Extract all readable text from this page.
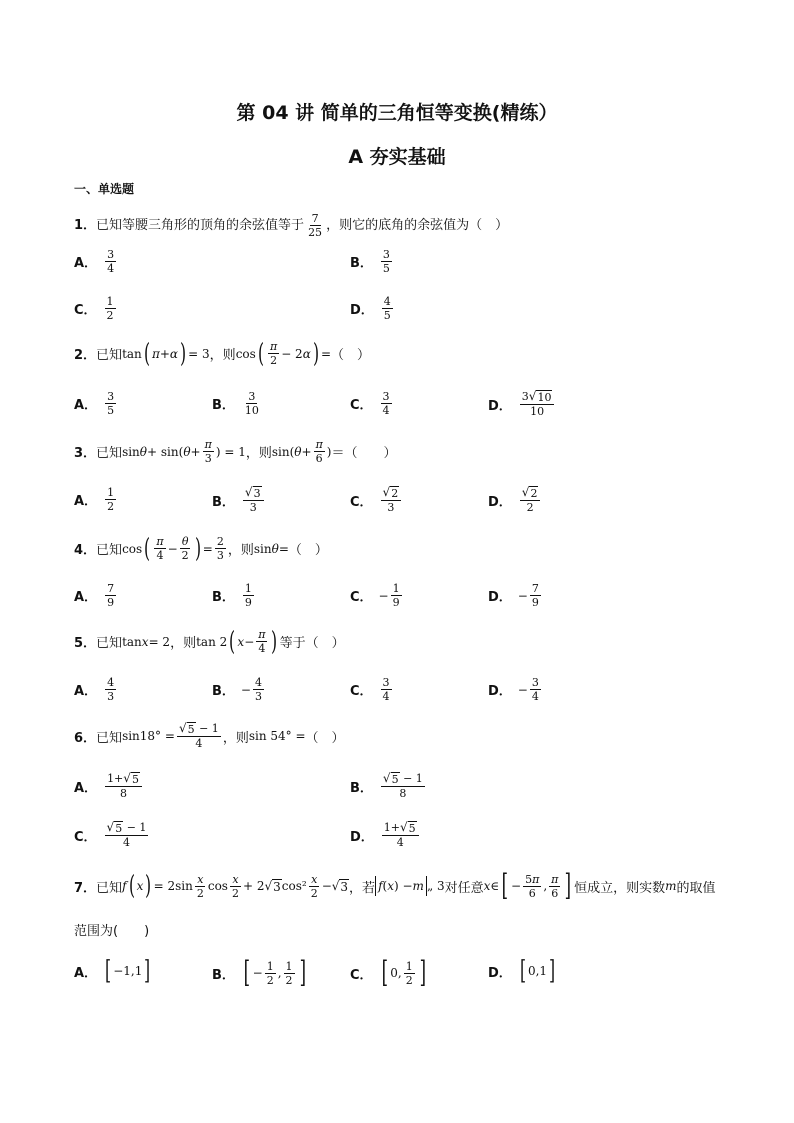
第 04 讲 简单的三角恒等变换(精练）
A 夯实基础
一、单选题
1．已知等腰三角形的顶角的余弦值等于 $\frac{7}{25}$ ，则它的底角的余弦值为（　）
A． $\frac{3}{4}$	B． $\frac{3}{5}$
C． $\frac{1}{2}$	D． $\frac{4}{5}$
2． 已知 tan ( π + α ) = 3 ，则 cos ( $\frac{\pi}{2} - 2$ α ) = （　）
A． $\frac{3}{5}$	B． $\frac{3}{10}$	C． $\frac{3}{4}$	D． $\frac{3 √ 10}{10}$
3． 已知 sin θ + sin( $\theta + \frac{\pi}{3}$ ) = 1 ，则 sin( $\theta + \frac{\pi}{6}$ ) ＝（　　）
A． $\frac{1}{2}$	B． $\frac{√ 3}{3}$	C． $\frac{√ 2}{3}$	D． $\frac{√ 2}{2}$
4． 已知 cos ( $\frac{\pi}{4} - \frac{\theta}{2}$ ) = $\frac{2}{3}$ ，则 sin θ = （　）
A． $\frac{7}{9}$	B． $\frac{1}{9}$	C． − $\frac{1}{9}$	D． − $\frac{7}{9}$
5． 已知 tan x = 2 ，则 tan 2 ( $x - \frac{\pi}{4}$ ) 等于（　）
A． $\frac{4}{3}$	B． − $\frac{4}{3}$	C． $\frac{3}{4}$	D． − $\frac{3}{4}$
6． 已知 $\sin 18^\circ = \frac{√ 5 - 1}{4}$ ，则 sin 54° = （　）
A． $\frac{1+ √ 5}{8}$	B． $\frac{√ 5 - 1}{8}$
C． $\frac{√ 5 - 1}{4}$	D． $\frac{1+ √ 5}{4}$
7． 已知 f ( x ) = $2\sin \frac{x}{2}$ $\cos \frac{x}{2} + 2$ √ 3 $\cos^2 \frac{x}{2}$ − √ 3 ，若 f ( x ) − m „ 3 对任意 x ∈ [ − $\frac{5\pi}{6}$ , $\frac{\pi}{6}$ ] 恒成立，则实数 m 的取值
范围为(　　)
A． [ −1,1 ]	B． [ − $\frac{1}{2}$ , $\frac{1}{2}$ ]	C． [ 0, $\frac{1}{2}$ ]	D． [ 0,1 ]
